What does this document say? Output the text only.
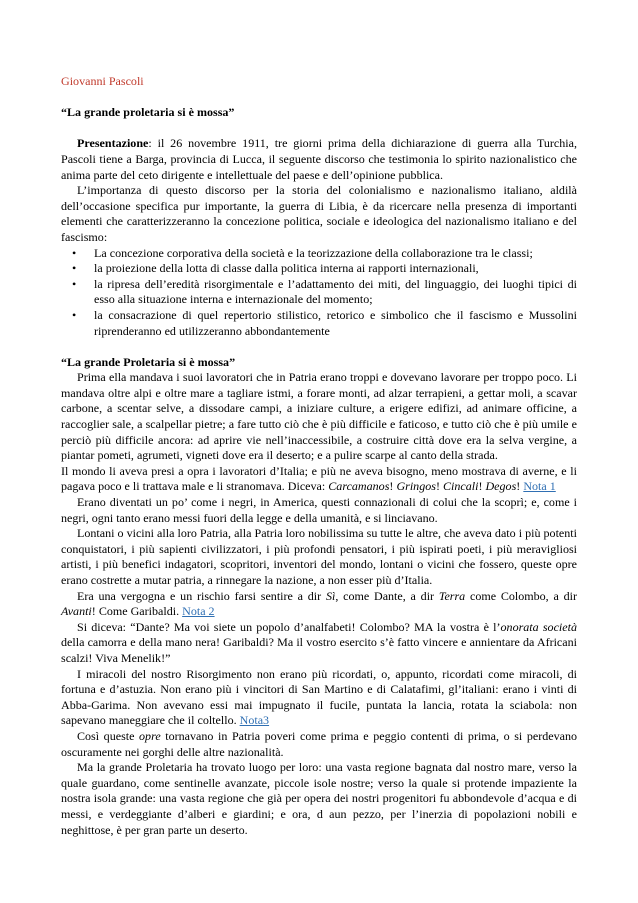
Giovanni Pascoli

“La grande proletaria si è mossa”

Presentazione: il 26 novembre 1911, tre giorni prima della dichiarazione di guerra alla Turchia, Pascoli tiene a Barga, provincia di Lucca, il seguente discorso che testimonia lo spirito nazionalistico che anima parte del ceto dirigente e intellettuale del paese e dell’opinione pubblica.

L’importanza di questo discorso per la storia del colonialismo e nazionalismo italiano, aldilà dell’occasione specifica pur importante, la guerra di Libia, è da ricercare nella presenza di importanti elementi che caratterizzeranno la concezione politica, sociale e ideologica del nazionalismo italiano e del fascismo:

• La concezione corporativa della società e la teorizzazione della collaborazione tra le classi;
• la proiezione della lotta di classe dalla politica interna ai rapporti internazionali,
• la ripresa dell’eredità risorgimentale e l’adattamento dei miti, del linguaggio, dei luoghi tipici di esso alla situazione interna e internazionale del momento;
• la consacrazione di quel repertorio stilistico, retorico e simbolico che il fascismo e Mussolini riprenderanno ed utilizzeranno abbondantemente

“La grande Proletaria si è mossa”

Prima ella mandava i suoi lavoratori che in Patria erano troppi e dovevano lavorare per troppo poco. Li mandava oltre alpi e oltre mare a tagliare istmi, a forare monti, ad alzar terrapieni, a gettar moli, a scavar carbone, a scentar selve, a dissodare campi, a iniziare culture, a erigere edifizi, ad animare officine, a raccoglier sale, a scalpellar pietre; a fare tutto ciò che è più difficile e faticoso, e tutto ciò che è più umile e perciò più difficile ancora: ad aprire vie nell’inaccessibile, a costruire città dove era la selva vergine, a piantar pometi, agrumeti, vigneti dove era il deserto; e a pulire scarpe al canto della strada.

Il mondo li aveva presi a opra i lavoratori d’Italia; e più ne aveva bisogno, meno mostrava di averne, e li pagava poco e li trattava male e li stranomava. Diceva: Carcamanos! Gringos! Cincali! Degos! Nota 1

Erano diventati un po’ come i negri, in America, questi connazionali di colui che la scoprì; e, come i negri, ogni tanto erano messi fuori della legge e della umanità, e si linciavano.

Lontani o vicini alla loro Patria, alla Patria loro nobilissima su tutte le altre, che aveva dato i più potenti conquistatori, i più sapienti civilizzatori, i più profondi pensatori, i più ispirati poeti, i più meravigliosi artisti, i più benefici indagatori, scopritori, inventori del mondo, lontani o vicini che fossero, queste opre erano costrette a mutar patria, a rinnegare la nazione, a non esser più d’Italia.

Era una vergogna e un rischio farsi sentire a dir Sì, come Dante, a dir Terra come Colombo, a dir Avanti! Come Garibaldi. Nota 2

Si diceva: “Dante? Ma voi siete un popolo d’analfabeti! Colombo? MA la vostra è l’onorata società della camorra e della mano nera! Garibaldi? Ma il vostro esercito s’è fatto vincere e annientare da Africani scalzi! Viva Menelik!”

I miracoli del nostro Risorgimento non erano più ricordati, o, appunto, ricordati come miracoli, di fortuna e d’astuzia. Non erano più i vincitori di San Martino e di Calatafimi, gl’italiani: erano i vinti di Abba-Garima. Non avevano essi mai impugnato il fucile, puntata la lancia, rotata la sciabola: non sapevano maneggiare che il coltello. Nota3

Così queste opre tornavano in Patria poveri come prima e peggio contenti di prima, o si perdevano oscuramente nei gorghi delle altre nazionalità.

Ma la grande Proletaria ha trovato luogo per loro: una vasta regione bagnata dal nostro mare, verso la quale guardano, come sentinelle avanzate, piccole isole nostre; verso la quale si protende impaziente la nostra isola grande: una vasta regione che già per opera dei nostri progenitori fu abbondevole d’acqua e di messi, e verdeggiante d’alberi e giardini; e ora, d aun pezzo, per l’inerzia di popolazioni nobili e neghittose, è per gran parte un deserto.
